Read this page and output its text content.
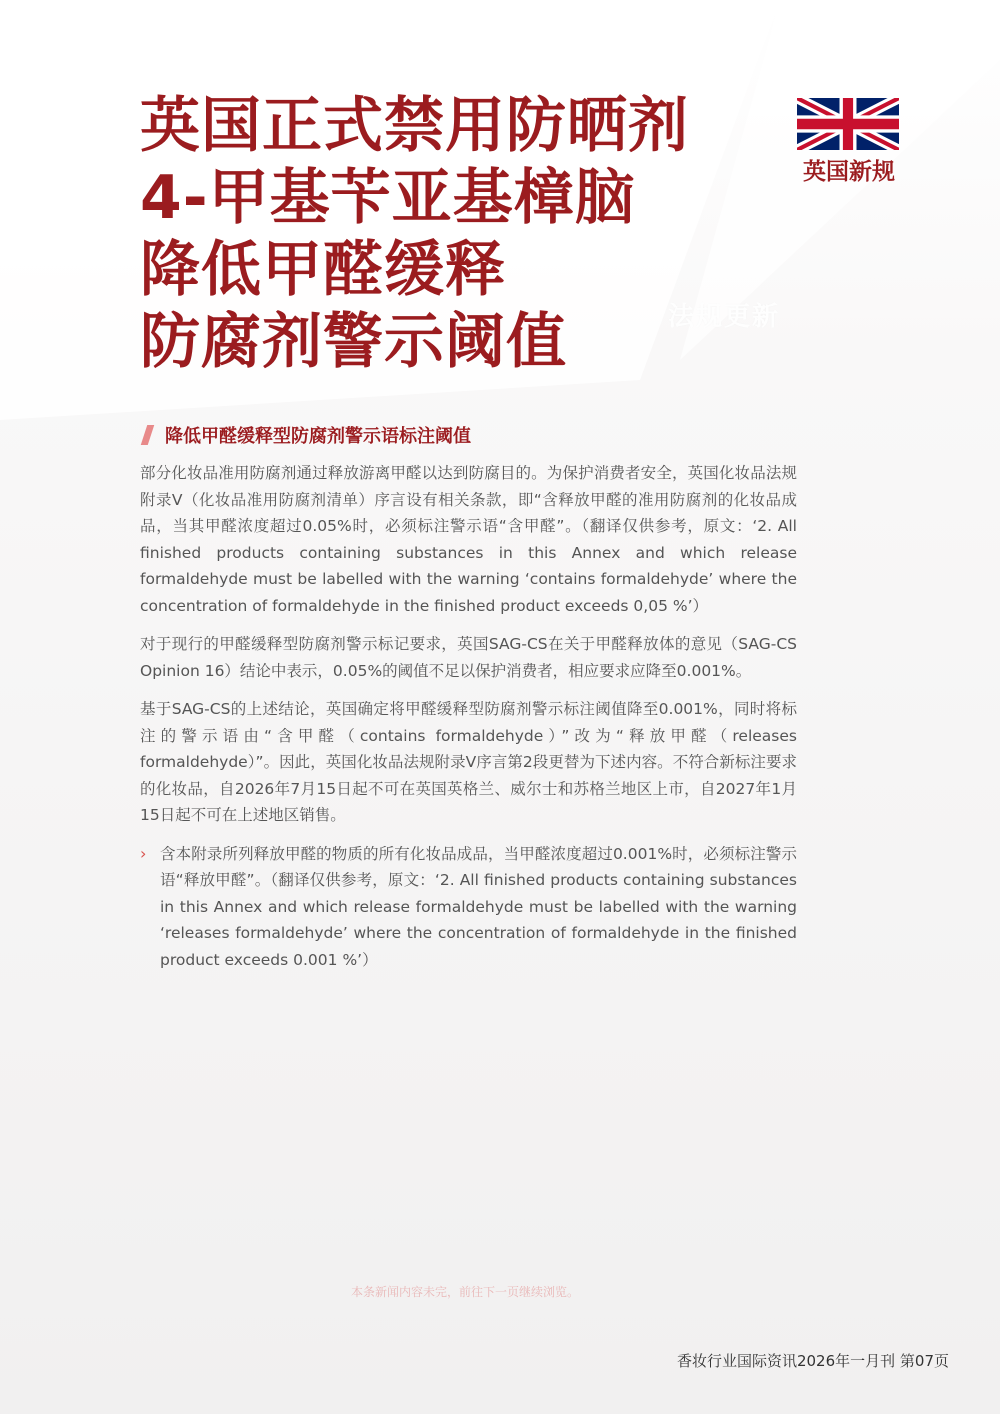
英国正式禁用防晒剂
4-甲基苄亚基樟脑
降低甲醛缓释
防腐剂警示阈值
英国新规
法规更新
降低甲醛缓释型防腐剂警示语标注阈值

部分化妆品准用防腐剂通过释放游离甲醛以达到防腐目的。为保护消费者安全，英国化妆品法规附录V（化妆品准用防腐剂清单）序言设有相关条款，即“含释放甲醛的准用防腐剂的化妆品成品，当其甲醛浓度超过0.05%时，必须标注警示语“含甲醛”。（翻译仅供参考，原文：‘2. All finished products containing substances in this Annex and which release formaldehyde must be labelled with the warning ‘contains formaldehyde’ where the concentration of formaldehyde in the finished product exceeds 0,05 %’）

对于现行的甲醛缓释型防腐剂警示标记要求，英国SAG-CS在关于甲醛释放体的意见（SAG-CS Opinion 16）结论中表示，0.05%的阈值不足以保护消费者，相应要求应降至0.001%。

基于SAG-CS的上述结论，英国确定将甲醛缓释型防腐剂警示标注阈值降至0.001%，同时将标注的警示语由“含甲醛（contains formaldehyde）”改为“释放甲醛（releases formaldehyde）”。因此，英国化妆品法规附录V序言第2段更替为下述内容。不符合新标注要求的化妆品，自2026年7月15日起不可在英国英格兰、威尔士和苏格兰地区上市，自2027年1月15日起不可在上述地区销售。

› 含本附录所列释放甲醛的物质的所有化妆品成品，当甲醛浓度超过0.001%时，必须标注警示语“释放甲醛”。（翻译仅供参考，原文：‘2. All finished products containing substances in this Annex and which release formaldehyde must be labelled with the warning ‘releases formaldehyde’ where the concentration of formaldehyde in the finished product exceeds 0.001 %’）
本条新闻内容未完，前往下一页继续浏览。
香妆行业国际资讯2026年一月刊 第07页
